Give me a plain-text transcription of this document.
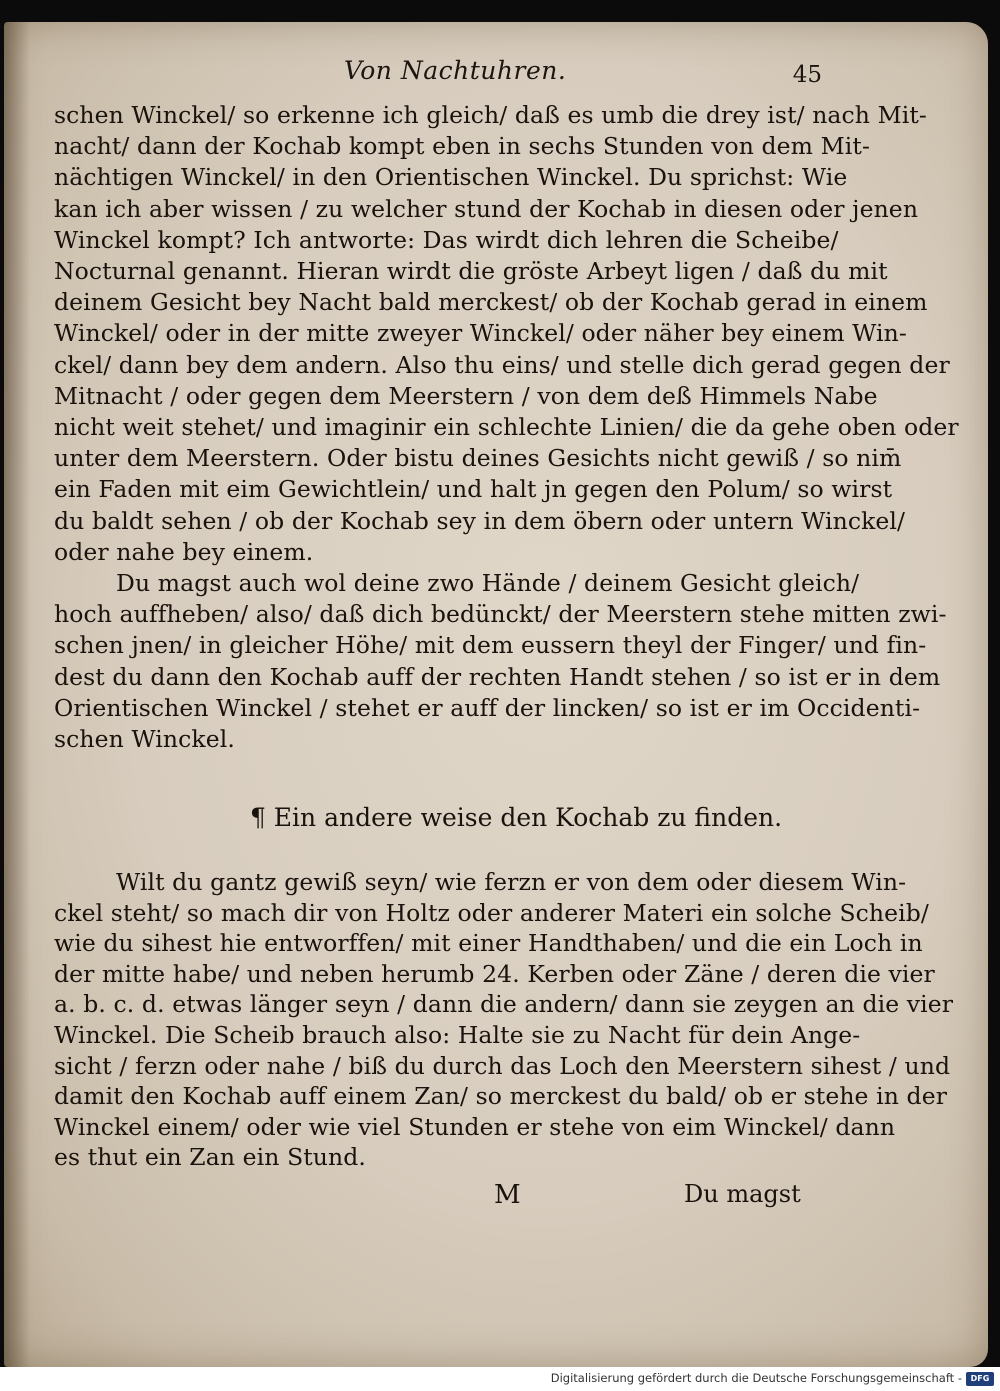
Von Nachtuhren.	45
schen Winckel/ so erkenne ich gleich/ daß es umb die drey ist/ nach Mit-
nacht/ dann der Kochab kompt eben in sechs Stunden von dem Mit-
nächtigen Winckel/ in den Orientischen Winckel. Du sprichst: Wie
kan ich aber wissen / zu welcher stund der Kochab in diesen oder jenen
Winckel kompt? Ich antworte: Das wirdt dich lehren die Scheibe/
Nocturnal genannt. Hieran wirdt die gröste Arbeyt ligen / daß du mit
deinem Gesicht bey Nacht bald merckest/ ob der Kochab gerad in einem
Winckel/ oder in der mitte zweyer Winckel/ oder näher bey einem Win-
ckel/ dann bey dem andern. Also thu eins/ und stelle dich gerad gegen der
Mitnacht / oder gegen dem Meerstern / von dem deß Himmels Nabe
nicht weit stehet/ und imaginir ein schlechte Linien/ die da gehe oben oder
unter dem Meerstern. Oder bistu deines Gesichts nicht gewiß / so nim̄
ein Faden mit eim Gewichtlein/ und halt jn gegen den Polum/ so wirst
du baldt sehen / ob der Kochab sey in dem öbern oder untern Winckel/
oder nahe bey einem.
Du magst auch wol deine zwo Hände / deinem Gesicht gleich/
hoch auffheben/ also/ daß dich bedünckt/ der Meerstern stehe mitten zwi-
schen jnen/ in gleicher Höhe/ mit dem eussern theyl der Finger/ und fin-
dest du dann den Kochab auff der rechten Handt stehen / so ist er in dem
Orientischen Winckel / stehet er auff der lincken/ so ist er im Occidenti-
schen Winckel.
¶ Ein andere weise den Kochab zu finden.
Wilt du gantz gewiß seyn/ wie ferzn er von dem oder diesem Win-
ckel steht/ so mach dir von Holtz oder anderer Materi ein solche Scheib/
wie du sihest hie entworffen/ mit einer Handthaben/ und die ein Loch in
der mitte habe/ und neben herumb 24. Kerben oder Zäne / deren die vier
a. b. c. d. etwas länger seyn / dann die andern/ dann sie zeygen an die vier
Winckel. Die Scheib brauch also: Halte sie zu Nacht für dein Ange-
sicht / ferzn oder nahe / biß du durch das Loch den Meerstern sihest / und
damit den Kochab auff einem Zan/ so merckest du bald/ ob er stehe in der
Winckel einem/ oder wie viel Stunden er stehe von eim Winckel/ dann
es thut ein Zan ein Stund.
M	Du magst
Digitalisierung gefördert durch die Deutsche Forschungsgemeinschaft -	DFG
